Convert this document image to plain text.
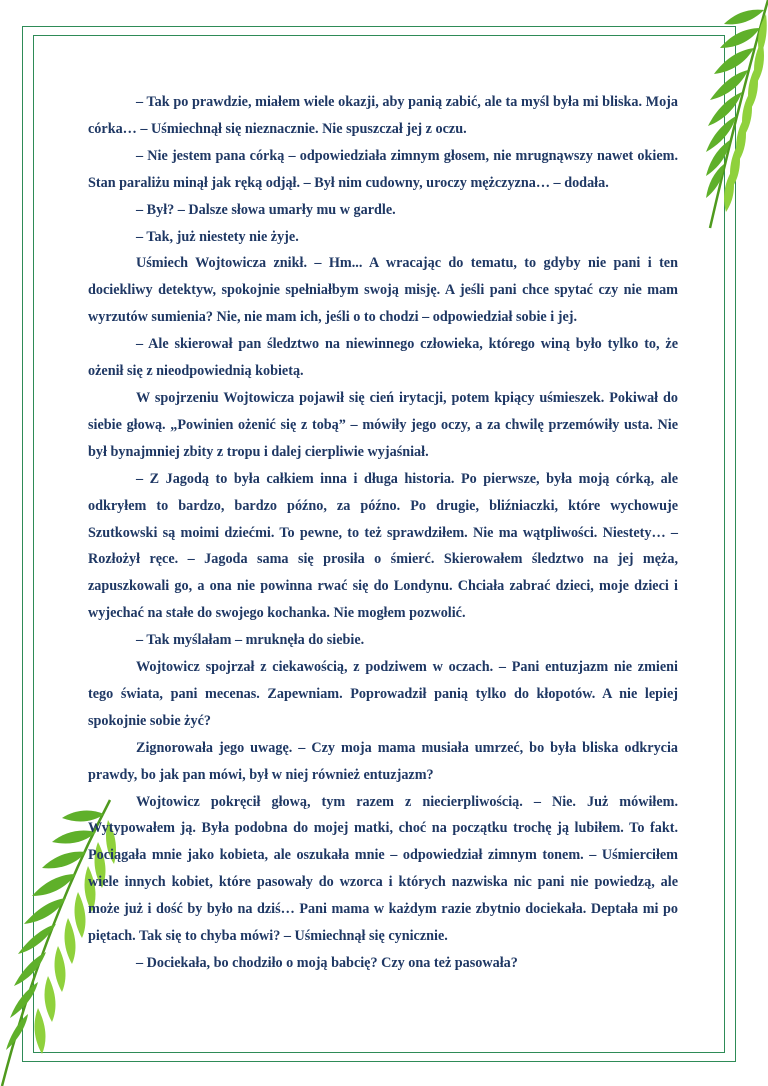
– Tak po prawdzie, miałem wiele okazji, aby panią zabić, ale ta myśl była mi bliska. Moja córka… – Uśmiechnął się nieznacznie. Nie spuszczał jej z oczu.

– Nie jestem pana córką – odpowiedziała zimnym głosem, nie mrugnąwszy nawet okiem. Stan paraliżu minął jak ręką odjął. – Był nim cudowny, uroczy mężczyzna… – dodała.

– Był? – Dalsze słowa umarły mu w gardle.

– Tak, już niestety nie żyje.

Uśmiech Wojtowicza znikł. – Hm... A wracając do tematu, to gdyby nie pani i ten dociekliwy detektyw, spokojnie spełniałbym swoją misję. A jeśli pani chce spytać czy nie mam wyrzutów sumienia? Nie, nie mam ich, jeśli o to chodzi – odpowiedział sobie i jej.

– Ale skierował pan śledztwo na niewinnego człowieka, którego winą było tylko to, że ożenił się z nieodpowiednią kobietą.

W spojrzeniu Wojtowicza pojawił się cień irytacji, potem kpiący uśmieszek. Pokiwał do siebie głową. „Powinien ożenić się z tobą” – mówiły jego oczy, a za chwilę przemówiły usta. Nie był bynajmniej zbity z tropu i dalej cierpliwie wyjaśniał.

– Z Jagodą to była całkiem inna i długa historia. Po pierwsze, była moją córką, ale odkryłem to bardzo, bardzo późno, za późno. Po drugie, bliźniaczki, które wychowuje Szutkowski są moimi dziećmi. To pewne, to też sprawdziłem. Nie ma wątpliwości. Niestety… – Rozłożył ręce. – Jagoda sama się prosiła o śmierć. Skierowałem śledztwo na jej męża, zapuszkowali go, a ona nie powinna rwać się do Londynu. Chciała zabrać dzieci, moje dzieci i wyjechać na stałe do swojego kochanka. Nie mogłem pozwolić.

– Tak myślałam – mruknęła do siebie.

Wojtowicz spojrzał z ciekawością, z podziwem w oczach. – Pani entuzjazm nie zmieni tego świata, pani mecenas. Zapewniam. Poprowadził panią tylko do kłopotów. A nie lepiej spokojnie sobie żyć?

Zignorowała jego uwagę. – Czy moja mama musiała umrzeć, bo była bliska odkrycia prawdy, bo jak pan mówi, był w niej również entuzjazm?

Wojtowicz pokręcił głową, tym razem z niecierpliwością. – Nie. Już mówiłem. Wytypowałem ją. Była podobna do mojej matki, choć na początku trochę ją lubiłem. To fakt. Pociągała mnie jako kobieta, ale oszukała mnie – odpowiedział zimnym tonem. – Uśmierciłem wiele innych kobiet, które pasowały do wzorca i których nazwiska nic pani nie powiedzą, ale może już i dość by było na dziś… Pani mama w każdym razie zbytnio dociekała. Deptała mi po piętach. Tak się to chyba mówi? – Uśmiechnął się cynicznie.

– Dociekała, bo chodziło o moją babcię? Czy ona też pasowała?
